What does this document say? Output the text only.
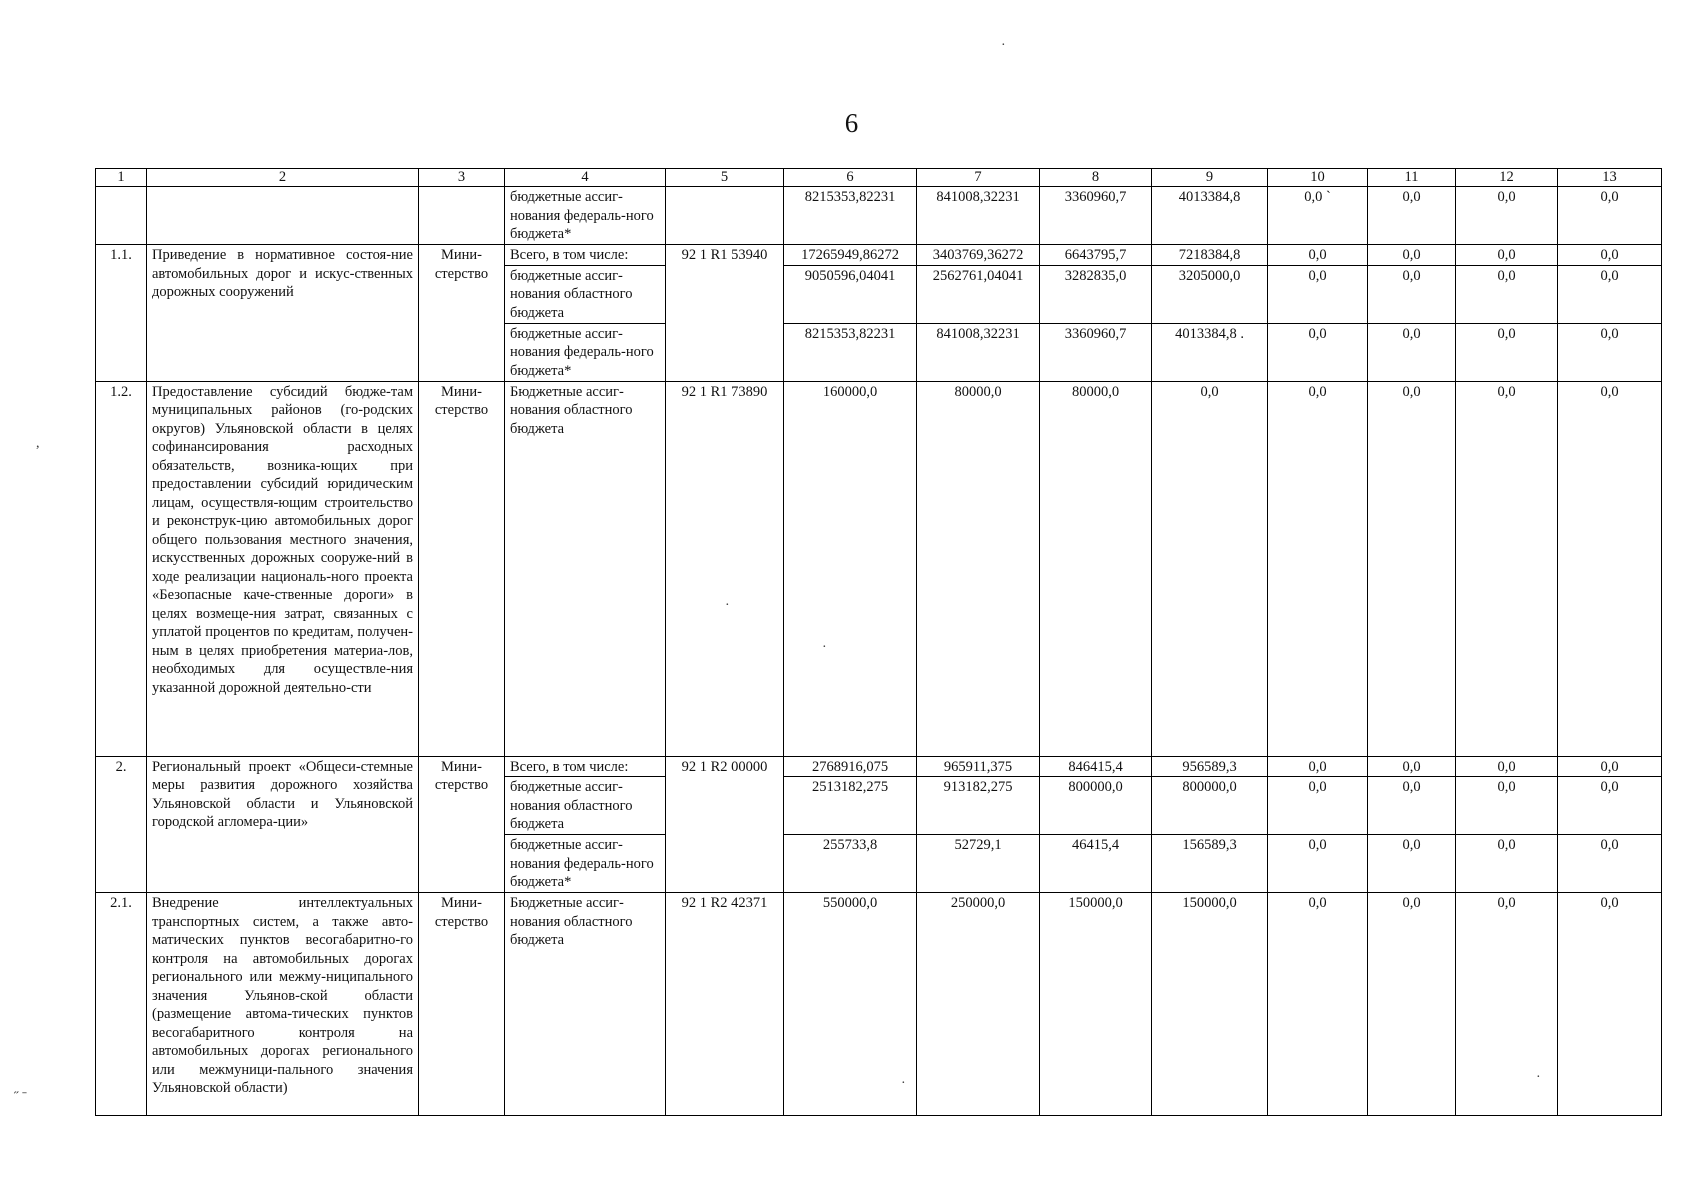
6
·
,
˝ ˉ
·
·
·	·
1	2	3	4	5	6	7	8	9	10	11	12	13
			бюджетные ассиг-нования федераль-ного бюджета*		8215353,82231	841008,32231	3360960,7	4013384,8	0,0 `	0,0	0,0	0,0
1.1.	Приведение в нормативное состоя-ние автомобильных дорог и искус-ственных дорожных сооружений	Мини-стерство	Всего, в том числе:	92 1 R1 53940	17265949,86272	3403769,36272	6643795,7	7218384,8	0,0	0,0	0,0	0,0
			бюджетные ассиг-нования областного бюджета		9050596,04041	2562761,04041	3282835,0	3205000,0	0,0	0,0	0,0	0,0
			бюджетные ассиг-нования федераль-ного бюджета*		8215353,82231	841008,32231	3360960,7	4013384,8 .	0,0	0,0	0,0	0,0
1.2.	Предоставление субсидий бюдже-там муниципальных районов (го-родских округов) Ульяновской области в целях софинансирования расходных обязательств, возника-ющих при предоставлении субсидий юридическим лицам, осуществля-ющим строительство и реконструк-цию автомобильных дорог общего пользования местного значения, искусственных дорожных сооруже-ний в ходе реализации националь-ного проекта «Безопасные каче-ственные дороги» в целях возмеще-ния затрат, связанных с уплатой процентов по кредитам, получен-ным в целях приобретения материа-лов, необходимых для осуществле-ния указанной дорожной деятельно-сти	Мини-стерство	Бюджетные ассиг-нования областного бюджета	92 1 R1 73890	160000,0	80000,0	80000,0	0,0	0,0	0,0	0,0	0,0
2.	Региональный проект «Общеси-стемные меры развития дорожного хозяйства Ульяновской области и Ульяновской городской агломера-ции»	Мини-стерство	Всего, в том числе:	92 1 R2 00000	2768916,075	965911,375	846415,4	956589,3	0,0	0,0	0,0	0,0
			бюджетные ассиг-нования областного бюджета		2513182,275	913182,275	800000,0	800000,0	0,0	0,0	0,0	0,0
			бюджетные ассиг-нования федераль-ного бюджета*		255733,8	52729,1	46415,4	156589,3	0,0	0,0	0,0	0,0
2.1.	Внедрение интеллектуальных транспортных систем, а также авто-матических пунктов весогабаритно-го контроля на автомобильных дорогах регионального или межму-ниципального значения Ульянов-ской области (размещение автома-тических пунктов весогабаритного контроля на автомобильных дорогах регионального или межмуници-пального значения Ульяновской области)	Мини-стерство	Бюджетные ассиг-нования областного бюджета	92 1 R2 42371	550000,0	250000,0	150000,0	150000,0	0,0	0,0	0,0	0,0
